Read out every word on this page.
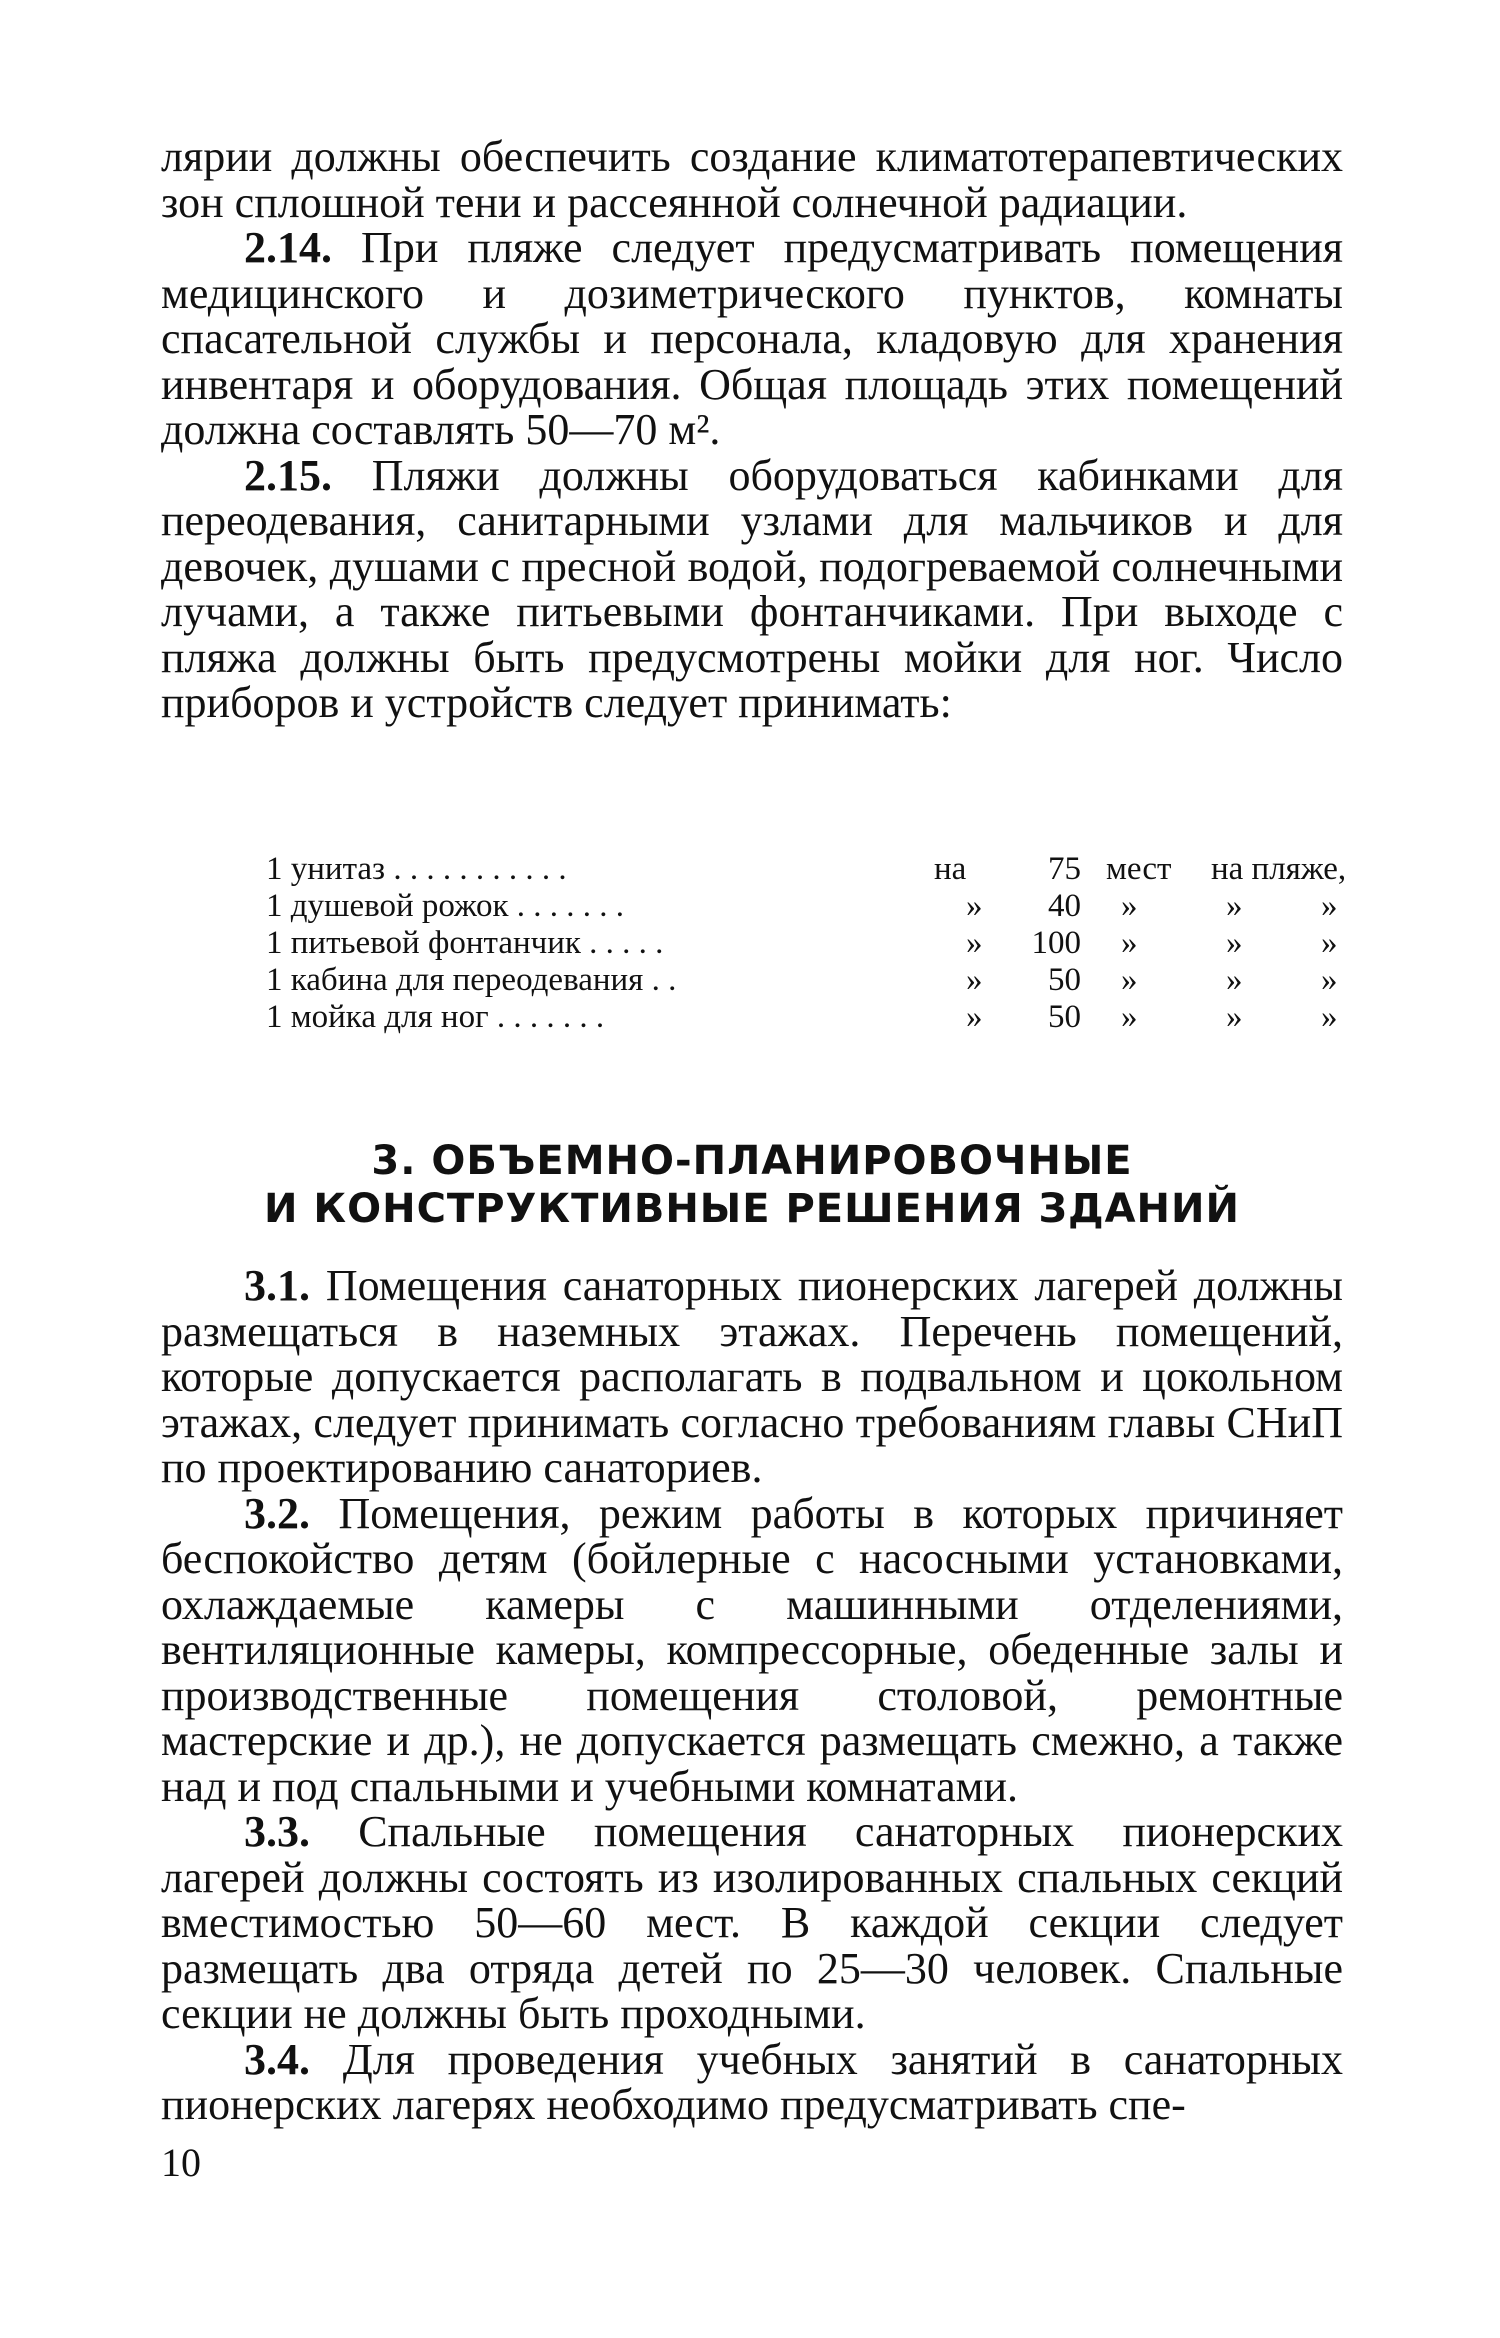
лярии должны обеспечить создание климатотерапевтических зон сплошной тени и рассеянной солнечной радиации.

2.14. При пляже следует предусматривать помещения медицинского и дозиметрического пунктов, комнаты спасательной службы и персонала, кладовую для хранения инвентаря и оборудования. Общая площадь этих помещений должна составлять 50—70 м².

2.15. Пляжи должны оборудоваться кабинками для переодевания, санитарными узлами для мальчиков и для девочек, душами с пресной водой, подогреваемой солнечными лучами, а также питьевыми фонтанчиками. При выходе с пляжа должны быть предусмотрены мойки для ног. Число приборов и устройств следует принимать:

1 унитаз . . . . . . . . . . .	на	75 мест на пляже,
1 душевой рожок . . . . . . .	»	40 »	» »
1 питьевой фонтанчик . . . . .	»	100 »	» »
1 кабина для переодевания . .	»	50 »	» »
1 мойка для ног . . . . . . .	»	50 »	» »
3. ОБЪЕМНО-ПЛАНИРОВОЧНЫЕ
И КОНСТРУКТИВНЫЕ РЕШЕНИЯ ЗДАНИЙ

3.1. Помещения санаторных пионерских лагерей должны размещаться в наземных этажах. Перечень помещений, которые допускается располагать в подвальном и цокольном этажах, следует принимать согласно требованиям главы СНиП по проектированию санаториев.

3.2. Помещения, режим работы в которых причиняет беспокойство детям (бойлерные с насосными установками, охлаждаемые камеры с машинными отделениями, вентиляционные камеры, компрессорные, обеденные залы и производственные помещения столовой, ремонтные мастерские и др.), не допускается размещать смежно, а также над и под спальными и учебными комнатами.

3.3. Спальные помещения санаторных пионерских лагерей должны состоять из изолированных спальных секций вместимостью 50—60 мест. В каждой секции следует размещать два отряда детей по 25—30 человек. Спальные секции не должны быть проходными.

3.4. Для проведения учебных занятий в санаторных пионерских лагерях необходимо предусматривать спе-

10
